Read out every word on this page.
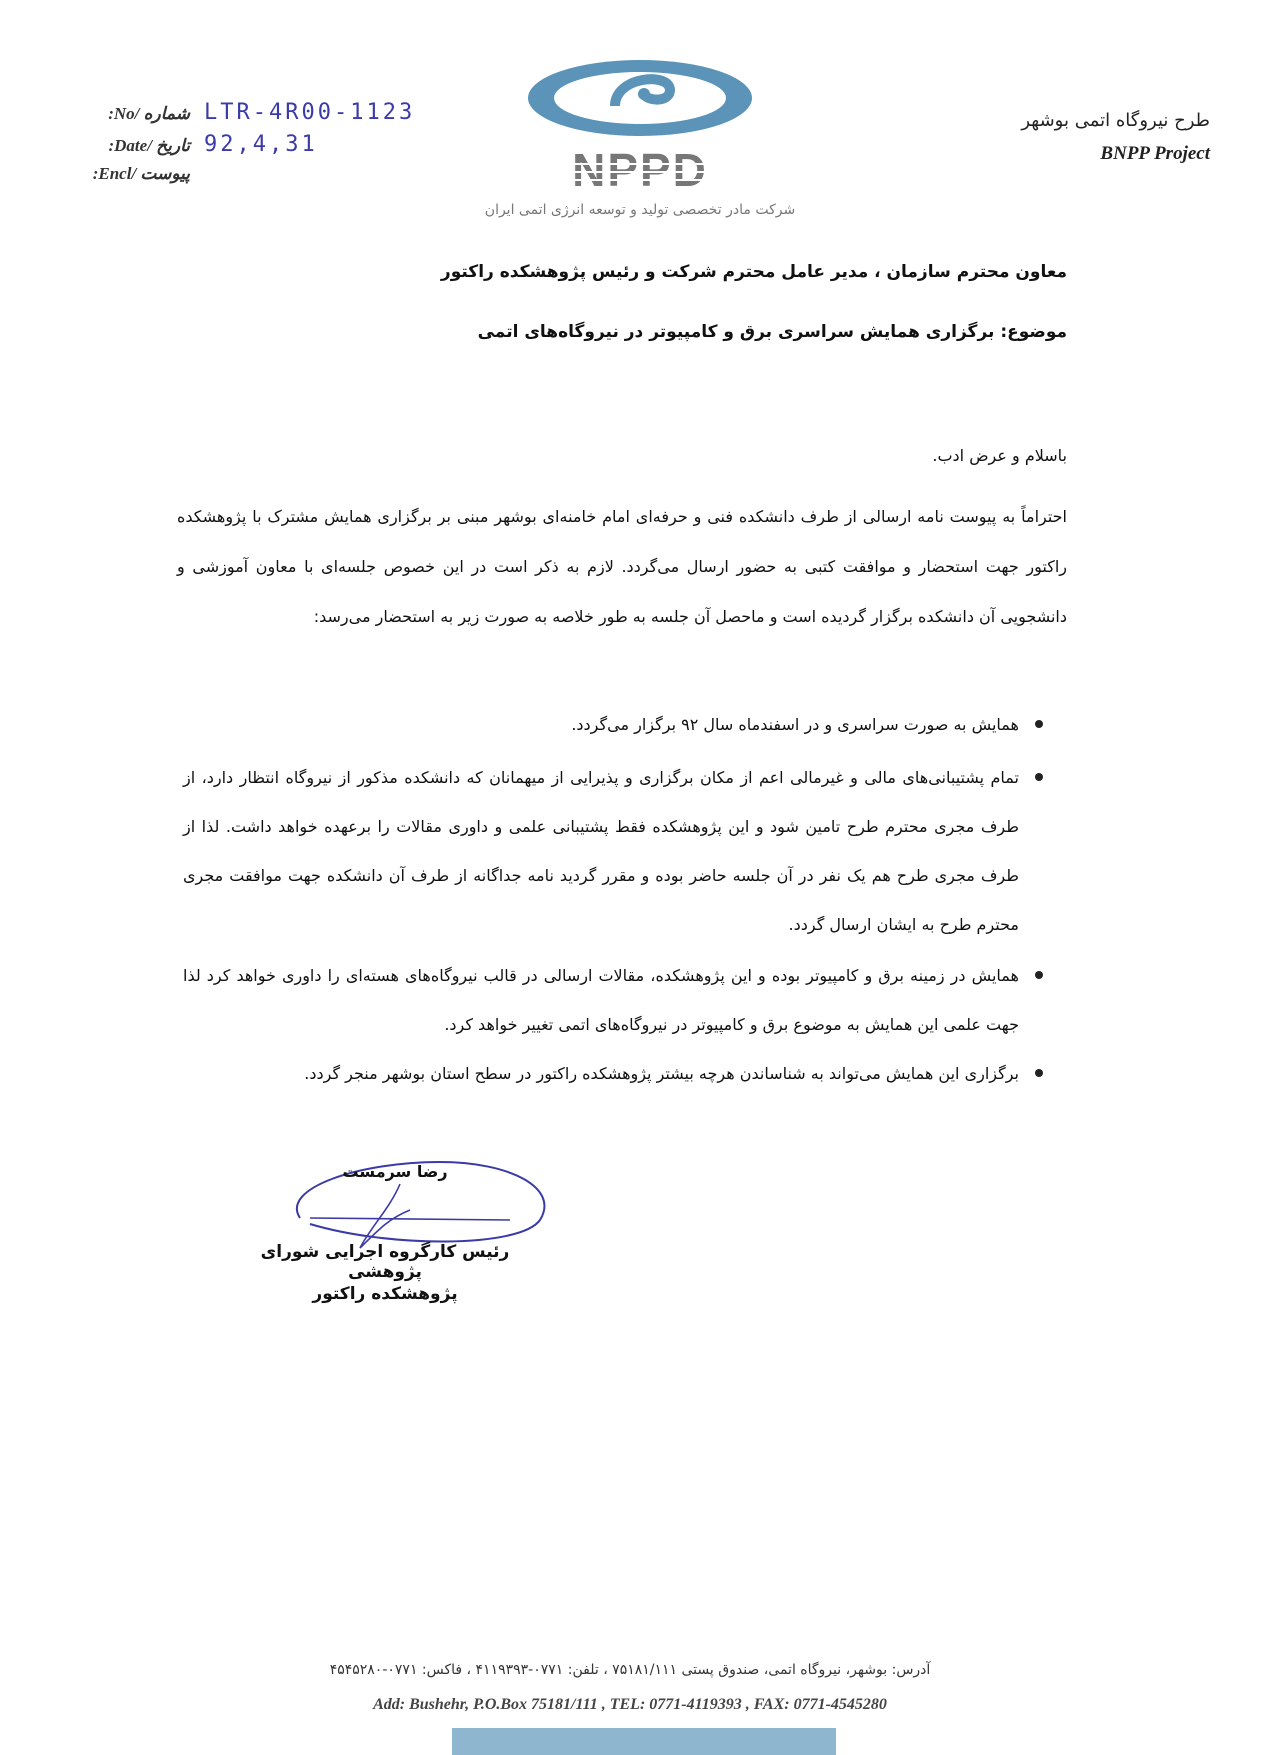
شماره /No: LTR-4R00-1123
تاریخ /Date: 92,4,31
پیوست /Encl:	NPPD
شرکت مادر تخصصی تولید و توسعه انرژی اتمی ایران
طرح نیروگاه اتمی بوشهر
BNPP Project
معاون محترم سازمان ، مدیر عامل محترم شرکت و رئیس پژوهشکده راکتور
موضوع: برگزاری همایش سراسری برق و کامپیوتر در نیروگاه‌های اتمی
باسلام و عرض ادب.
احتراماً به پیوست نامه ارسالی از طرف دانشکده فنی و حرفه‌ای امام خامنه‌ای بوشهر مبنی بر برگزاری همایش مشترک با پژوهشکده راکتور جهت استحضار و موافقت کتبی به حضور ارسال می‌گردد. لازم به ذکر است در این خصوص جلسه‌ای با معاون آموزشی و دانشجویی آن دانشکده برگزار گردیده است و ماحصل آن جلسه به طور خلاصه به صورت زیر به استحضار می‌رسد:
همایش به صورت سراسری و در اسفندماه سال ۹۲ برگزار می‌گردد.
تمام پشتیبانی‌های مالی و غیرمالی اعم از مکان برگزاری و پذیرایی از میهمانان که دانشکده مذکور از نیروگاه انتظار دارد، از طرف مجری محترم طرح تامین شود و این پژوهشکده فقط پشتیبانی علمی و داوری مقالات را برعهده خواهد داشت. لذا از طرف مجری طرح هم یک نفر در آن جلسه حاضر بوده و مقرر گردید نامه جداگانه از طرف آن دانشکده جهت موافقت مجری محترم طرح به ایشان ارسال گردد.
همایش در زمینه برق و کامپیوتر بوده و این پژوهشکده، مقالات ارسالی در قالب نیروگاه‌های هسته‌ای را داوری خواهد کرد لذا جهت علمی این همایش به موضوع برق و کامپیوتر در نیروگاه‌های اتمی تغییر خواهد کرد.
برگزاری این همایش می‌تواند به شناساندن هرچه بیشتر پژوهشکده راکتور در سطح استان بوشهر منجر گردد.
رضا سرمست
رئیس کارگروه اجرایی شورای پژوهشی
پژوهشکده راکتور
آدرس: بوشهر، نیروگاه اتمی، صندوق پستی ۷۵۱۸۱/۱۱۱ ، تلفن: ۰۷۷۱-۴۱۱۹۳۹۳ ، فاکس: ۰۷۷۱-۴۵۴۵۲۸۰
Add: Bushehr, P.O.Box 75181/111 , TEL: 0771-4119393 , FAX: 0771-4545280
